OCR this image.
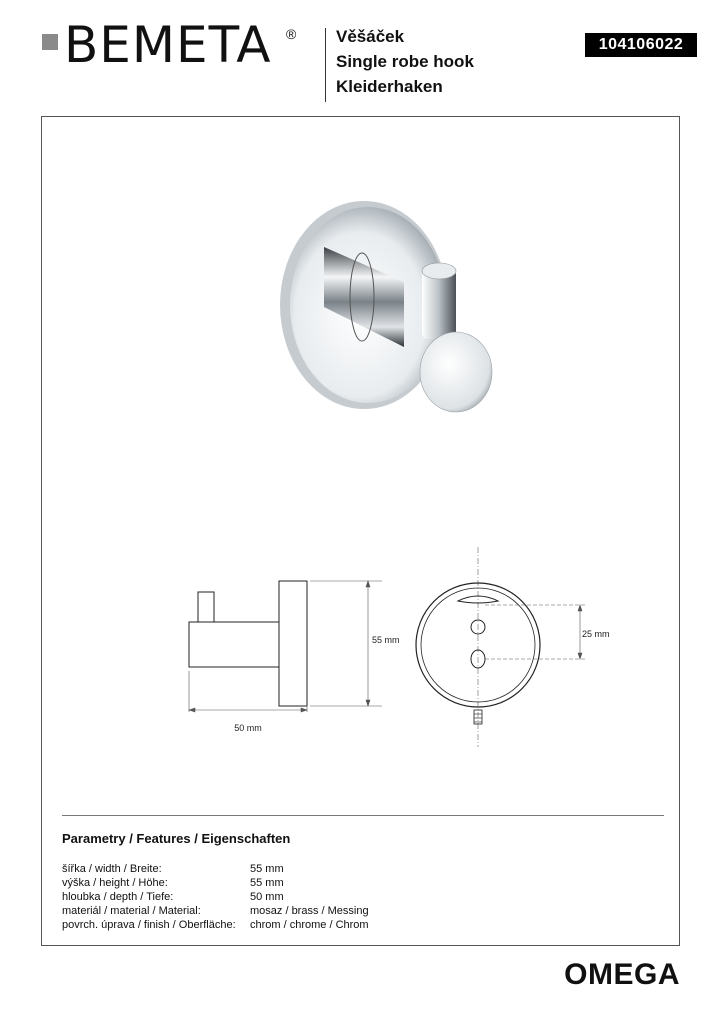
BEMETA ® Věšáček
Single robe hook
Kleiderhaken
104106022
50 mm
55 mm
25 mm
Parametry / Features / Eigenschaften
šířka / width / Breite:	55 mm
výška / height / Höhe:	55 mm
hloubka / depth / Tiefe:	50 mm
materiál / material / Material:	mosaz / brass / Messing
povrch. úprava / finish / Oberfläche:	chrom / chrome / Chrom
OMEGA
